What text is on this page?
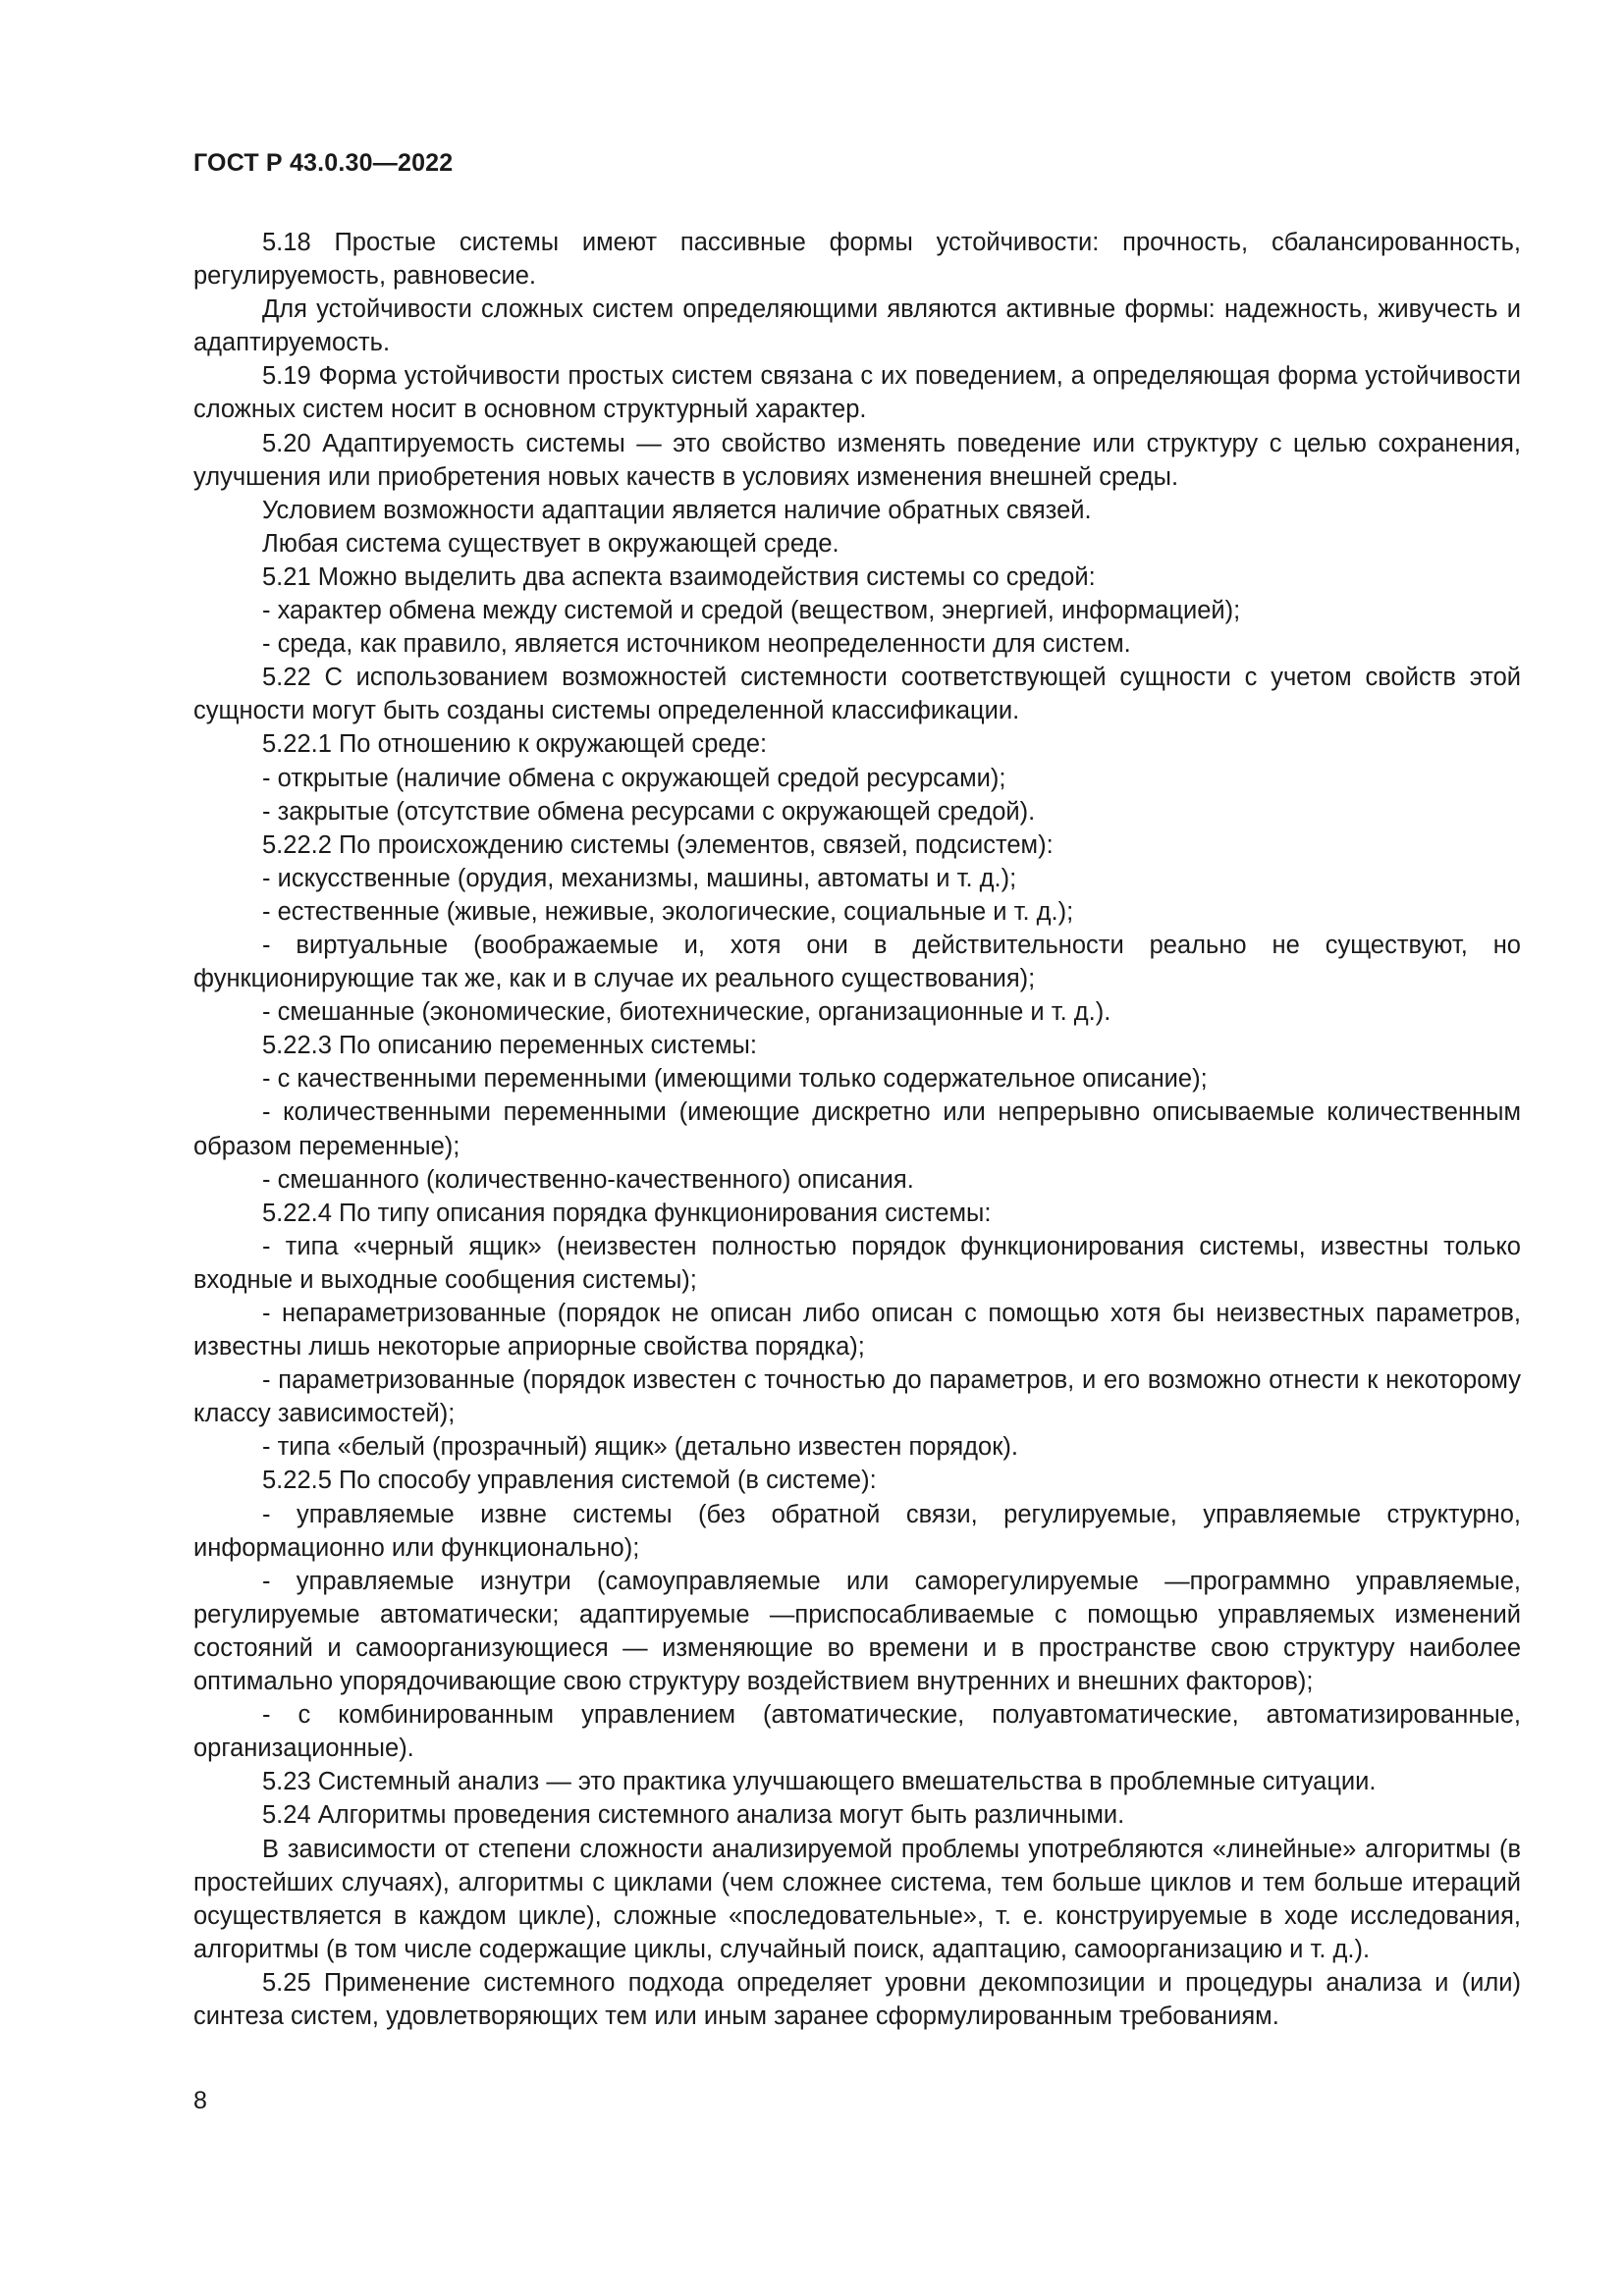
ГОСТ Р 43.0.30—2022

5.18 Простые системы имеют пассивные формы устойчивости: прочность, сбалансированность, регулируемость, равновесие.

Для устойчивости сложных систем определяющими являются активные формы: надежность, живучесть и адаптируемость.

5.19 Форма устойчивости простых систем связана с их поведением, а определяющая форма устойчивости сложных систем носит в основном структурный характер.

5.20 Адаптируемость системы — это свойство изменять поведение или структуру с целью сохранения, улучшения или приобретения новых качеств в условиях изменения внешней среды.

Условием возможности адаптации является наличие обратных связей.

Любая система существует в окружающей среде.

5.21 Можно выделить два аспекта взаимодействия системы со средой:

- характер обмена между системой и средой (веществом, энергией, информацией);

- среда, как правило, является источником неопределенности для систем.

5.22 С использованием возможностей системности соответствующей сущности с учетом свойств этой сущности могут быть созданы системы определенной классификации.

5.22.1 По отношению к окружающей среде:

- открытые (наличие обмена с окружающей средой ресурсами);

- закрытые (отсутствие обмена ресурсами с окружающей средой).

5.22.2 По происхождению системы (элементов, связей, подсистем):

- искусственные (орудия, механизмы, машины, автоматы и т. д.);

- естественные (живые, неживые, экологические, социальные и т. д.);

- виртуальные (воображаемые и, хотя они в действительности реально не существуют, но функционирующие так же, как и в случае их реального существования);

- смешанные (экономические, биотехнические, организационные и т. д.).

5.22.3 По описанию переменных системы:

- с качественными переменными (имеющими только содержательное описание);

- количественными переменными (имеющие дискретно или непрерывно описываемые количественным образом переменные);

- смешанного (количественно-качественного) описания.

5.22.4 По типу описания порядка функционирования системы:

- типа «черный ящик» (неизвестен полностью порядок функционирования системы, известны только входные и выходные сообщения системы);

- непараметризованные (порядок не описан либо описан с помощью хотя бы неизвестных параметров, известны лишь некоторые априорные свойства порядка);

- параметризованные (порядок известен с точностью до параметров, и его возможно отнести к некоторому классу зависимостей);

- типа «белый (прозрачный) ящик» (детально известен порядок).

5.22.5 По способу управления системой (в системе):

- управляемые извне системы (без обратной связи, регулируемые, управляемые структурно, информационно или функционально);

- управляемые изнутри (самоуправляемые или саморегулируемые —программно управляемые, регулируемые автоматически; адаптируемые —приспосабливаемые с помощью управляемых изменений состояний и самоорганизующиеся — изменяющие во времени и в пространстве свою структуру наиболее оптимально упорядочивающие свою структуру воздействием внутренних и внешних факторов);

- с комбинированным управлением (автоматические, полуавтоматические, автоматизированные, организационные).

5.23 Системный анализ — это практика улучшающего вмешательства в проблемные ситуации.

5.24 Алгоритмы проведения системного анализа могут быть различными.

В зависимости от степени сложности анализируемой проблемы употребляются «линейные» алгоритмы (в простейших случаях), алгоритмы с циклами (чем сложнее система, тем больше циклов и тем больше итераций осуществляется в каждом цикле), сложные «последовательные», т. е. конструируемые в ходе исследования, алгоритмы (в том числе содержащие циклы, случайный поиск, адаптацию, самоорганизацию и т. д.).

5.25 Применение системного подхода определяет уровни декомпозиции и процедуры анализа и (или) синтеза систем, удовлетворяющих тем или иным заранее сформулированным требованиям.

8
